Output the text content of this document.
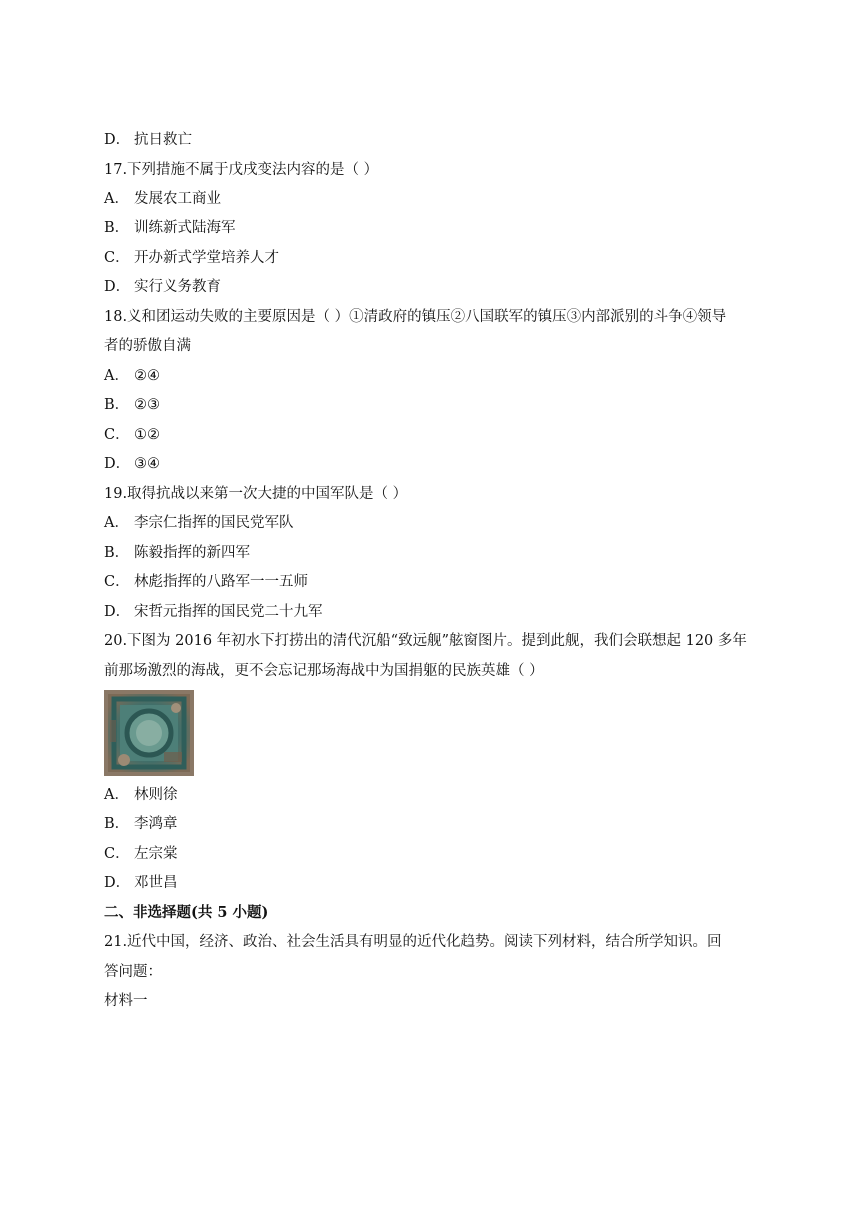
D． 抗日救亡
17.下列措施不属于戊戌变法内容的是（ ）
A． 发展农工商业
B． 训练新式陆海军
C． 开办新式学堂培养人才
D． 实行义务教育
18.义和团运动失败的主要原因是（ ）①清政府的镇压②八国联军的镇压③内部派别的斗争④领导
者的骄傲自满
A． ②④
B． ②③
C． ①②
D． ③④
19.取得抗战以来第一次大捷的中国军队是（ ）
A． 李宗仁指挥的国民党军队
B． 陈毅指挥的新四军
C． 林彪指挥的八路军一一五师
D． 宋哲元指挥的国民党二十九军
20.下图为 2016 年初水下打捞出的清代沉船“致远舰”舷窗图片。提到此舰，我们会联想起 120 多年
前那场激烈的海战，更不会忘记那场海战中为国捐躯的民族英雄（ ）
A． 林则徐
B． 李鸿章
C． 左宗棠
D． 邓世昌
二、非选择题(共 5 小题)
21.近代中国，经济、政治、社会生活具有明显的近代化趋势。阅读下列材料，结合所学知识。回
答问题：
材料一
